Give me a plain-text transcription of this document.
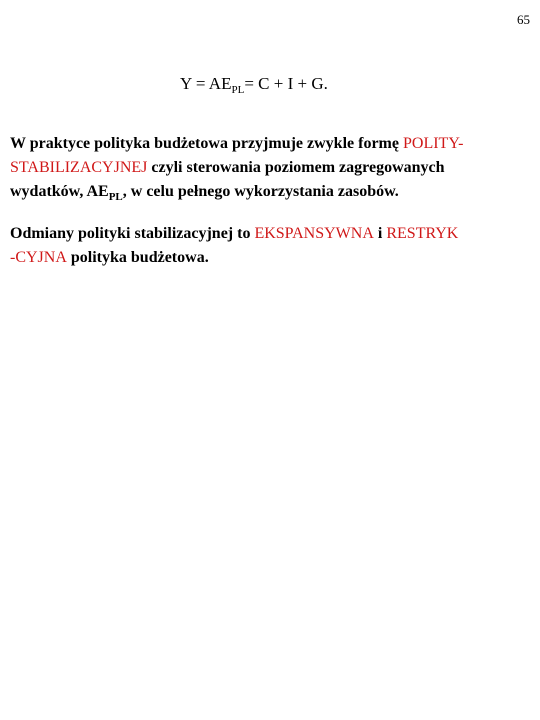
65
$Y = AE_{PL}= C + I + G$.
W praktyce polityka budżetowa przyjmuje zwykle formę POLITY-
STABILIZACYJNEJ czyli sterowania poziomem zagregowanych
wydatków, $AE_{PL}$, w celu pełnego wykorzystania zasobów.
Odmiany polityki stabilizacyjnej to EKSPANSYWNA i RESTRYK
-CYJNA polityka budżetowa.
